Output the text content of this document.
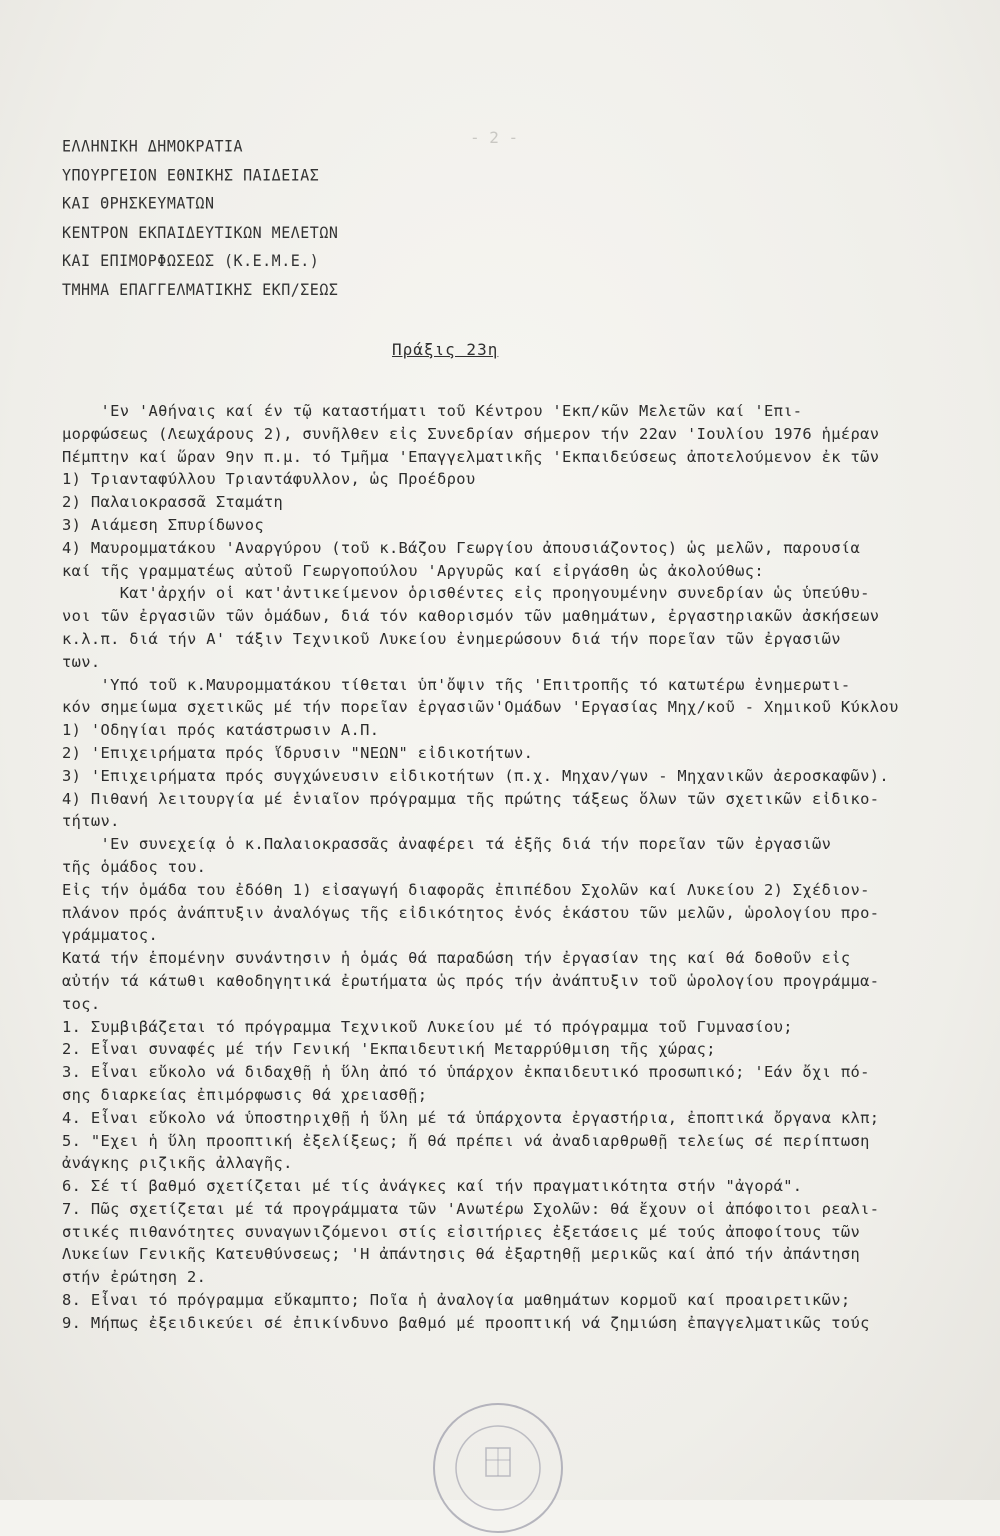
- 2 -
ΕΛΛΗΝΙΚΗ ΔΗΜΟΚΡΑΤΙΑ
ΥΠΟΥΡΓΕΙΟΝ ΕΘΝΙΚΗΣ ΠΑΙΔΕΙΑΣ
ΚΑΙ ΘΡΗΣΚΕΥΜΑΤΩΝ
ΚΕΝΤΡΟΝ ΕΚΠΑΙΔΕΥΤΙΚΩΝ ΜΕΛΕΤΩΝ
ΚΑΙ ΕΠΙΜΟΡΦΩΣΕΩΣ (Κ.Ε.Μ.Ε.)
ΤΜΗΜΑ ΕΠΑΓΓΕΛΜΑΤΙΚΗΣ ΕΚΠ/ΣΕΩΣ
Πράξις 23η
'Εν 'Αθήναις καί έν τῷ καταστήματι τοῦ Κέντρου 'Εκπ/κῶν Μελετῶν καί 'Επι-
μορφώσεως (Λεωχάρους 2), συνῆλθεν εἰς Συνεδρίαν σήμερον τήν 22αν 'Ιουλίου 1976 ἡμέραν
Πέμπτην καί ὥραν 9ην π.μ. τό Τμῆμα 'Επαγγελματικῆς 'Εκπαιδεύσεως ἀποτελούμενον ἐκ τῶν
1) Τριανταφύλλου Τριαντάφυλλον, ὡς Προέδρου
2) Παλαιοκρασσᾶ Σταμάτη
3) Αιάμεση Σπυρίδωνος
4) Μαυρομματάκου 'Αναργύρου (τοῦ κ.Βάζου Γεωργίου ἀπουσιάζοντος) ὡς μελῶν, παρουσία
καί τῆς γραμματέως αὐτοῦ Γεωργοπούλου 'Αργυρῶς καί εἰργάσθη ὡς ἀκολούθως:
Κατ'ἀρχήν οἱ κατ'ἀντικείμενον ὁρισθέντες εἰς προηγουμένην συνεδρίαν ὡς ὑπεύθυ-
νοι τῶν ἐργασιῶν τῶν ὁμάδων, διά τόν καθορισμόν τῶν μαθημάτων, ἐργαστηριακῶν ἀσκήσεων
κ.λ.π. διά τήν Α' τάξιν Τεχνικοῦ Λυκείου ἐνημερώσουν διά τήν πορεῖαν τῶν ἐργασιῶν
των.
'Υπό τοῦ κ.Μαυρομματάκου τίθεται ὑπ'ὄψιν τῆς 'Επιτροπῆς τό κατωτέρω ἐνημερωτι-
κόν σημείωμα σχετικῶς μέ τήν πορεῖαν ἐργασιῶν'Ομάδων 'Εργασίας Μηχ/κοῦ - Χημικοῦ Κύκλου
1) 'Οδηγίαι πρός κατάστρωσιν Α.Π.
2) 'Επιχειρήματα πρός ἵδρυσιν "ΝΕΩΝ" εἰδικοτήτων.
3) 'Επιχειρήματα πρός συγχώνευσιν εἰδικοτήτων (π.χ. Μηχαν/γων - Μηχανικῶν ἀεροσκαφῶν).
4) Πιθανή λειτουργία μέ ἑνιαῖον πρόγραμμα τῆς πρώτης τάξεως ὅλων τῶν σχετικῶν εἰδικο-
τήτων.
'Εν συνεχείᾳ ὁ κ.Παλαιοκρασσᾶς ἀναφέρει τά ἑξῆς διά τήν πορεῖαν τῶν ἐργασιῶν
τῆς ὁμάδος του.
Εἰς τήν ὁμάδα του ἐδόθη 1) εἰσαγωγή διαφορᾶς ἐπιπέδου Σχολῶν καί Λυκείου 2) Σχέδιον-
πλάνον πρός ἀνάπτυξιν ἀναλόγως τῆς εἰδικότητος ἑνός ἑκάστου τῶν μελῶν, ὡρολογίου προ-
γράμματος.
Κατά τήν ἑπομένην συνάντησιν ἡ ὁμάς θά παραδώση τήν ἐργασίαν της καί θά δοθοῦν εἰς
αὐτήν τά κάτωθι καθοδηγητικά ἐρωτήματα ὡς πρός τήν ἀνάπτυξιν τοῦ ὡρολογίου προγράμμα-
τος.
1. Συμβιβάζεται τό πρόγραμμα Τεχνικοῦ Λυκείου μέ τό πρόγραμμα τοῦ Γυμνασίου;
2. Εἶναι συναφές μέ τήν Γενική 'Εκπαιδευτική Μεταρρύθμιση τῆς χώρας;
3. Εἶναι εὔκολο νά διδαχθῇ ἡ ὕλη ἀπό τό ὑπάρχον ἐκπαιδευτικό προσωπικό; 'Εάν ὄχι πό-
σης διαρκείας ἐπιμόρφωσις θά χρειασθῇ;
4. Εἶναι εὔκολο νά ὑποστηριχθῇ ἡ ὕλη μέ τά ὑπάρχοντα ἐργαστήρια, ἐποπτικά ὄργανα κλπ;
5. "Εχει ἡ ὕλη προοπτική ἐξελίξεως; ἤ θά πρέπει νά ἀναδιαρθρωθῇ τελείως σέ περίπτωση
ἀνάγκης ριζικῆς ἀλλαγῆς.
6. Σέ τί βαθμό σχετίζεται μέ τίς ἀνάγκες καί τήν πραγματικότητα στήν "ἀγορά".
7. Πῶς σχετίζεται μέ τά προγράμματα τῶν 'Ανωτέρω Σχολῶν: θά ἔχουν οἱ ἀπόφοιτοι ρεαλι-
στικές πιθανότητες συναγωνιζόμενοι στίς εἰσιτήριες ἐξετάσεις μέ τούς ἀποφοίτους τῶν
Λυκείων Γενικῆς Κατευθύνσεως; 'Η ἀπάντησις θά ἐξαρτηθῇ μερικῶς καί ἀπό τήν ἀπάντηση
στήν ἐρώτηση 2.
8. Εἶναι τό πρόγραμμα εὔκαμπτο; Ποῖα ἡ ἀναλογία μαθημάτων κορμοῦ καί προαιρετικῶν;
9. Μήπως ἐξειδικεύει σέ ἐπικίνδυνο βαθμό μέ προοπτική νά ζημιώση ἐπαγγελματικῶς τούς
